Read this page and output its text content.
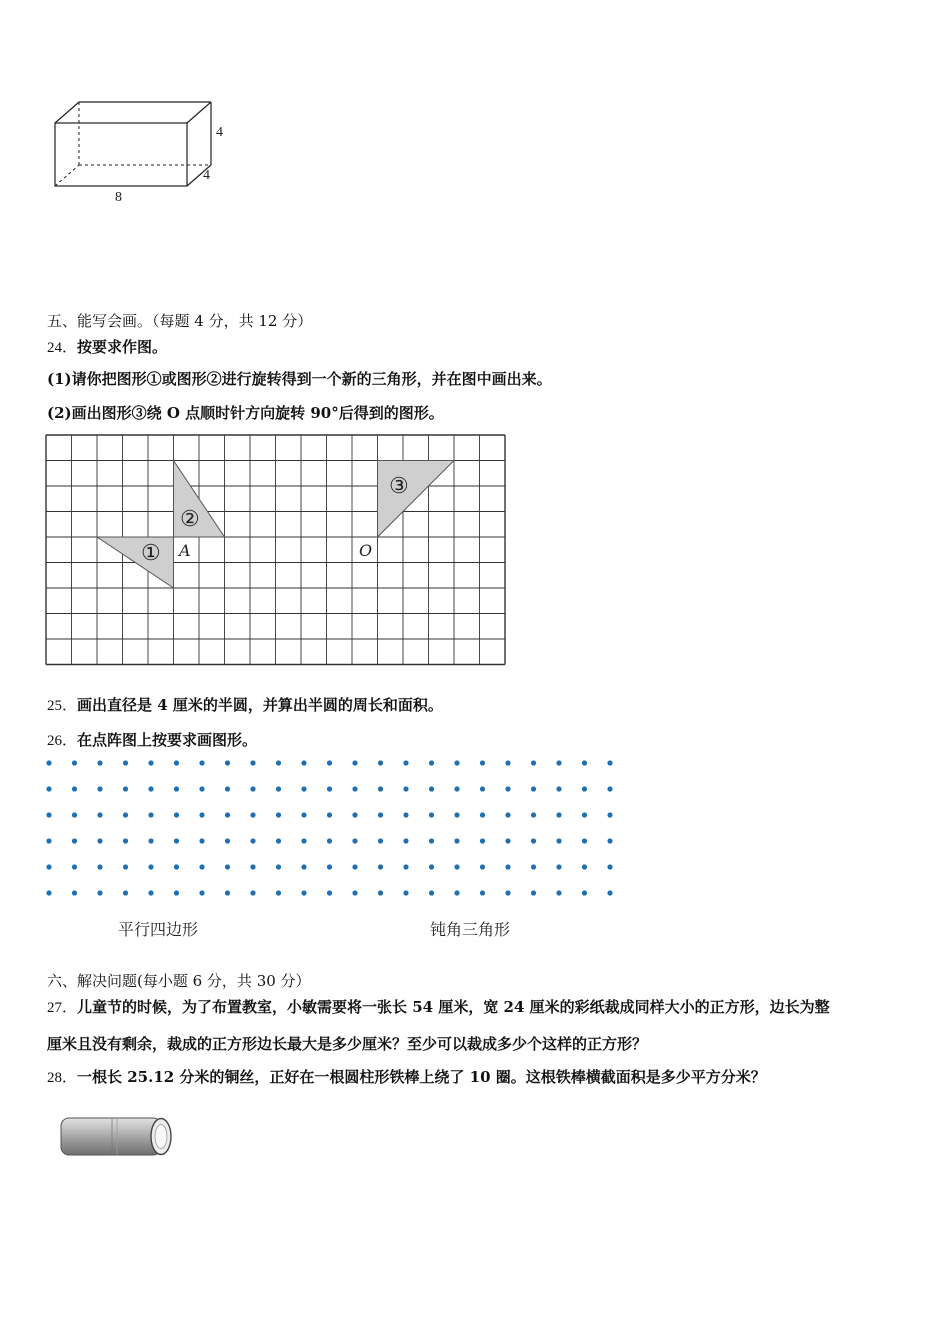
4
4
8
五、能写会画。（每题 4 分，共 12 分）
24．按要求作图。
(1)请你把图形①或图形②进行旋转得到一个新的三角形，并在图中画出来。
(2)画出图形③绕 O 点顺时针方向旋转 90°后得到的图形。
①
②
③
A	O
25．画出直径是 4 厘米的半圆，并算出半圆的周长和面积。
26．在点阵图上按要求画图形。
平行四边形	钝角三角形
六、解决问题(每小题 6 分，共 30 分）
27．儿童节的时候，为了布置教室，小敏需要将一张长 54 厘米，宽 24 厘米的彩纸裁成同样大小的正方形，边长为整
厘米且没有剩余，裁成的正方形边长最大是多少厘米？至少可以裁成多少个这样的正方形？
28．一根长 25.12 分米的铜丝，正好在一根圆柱形铁棒上绕了 10 圈。这根铁棒横截面积是多少平方分米？
